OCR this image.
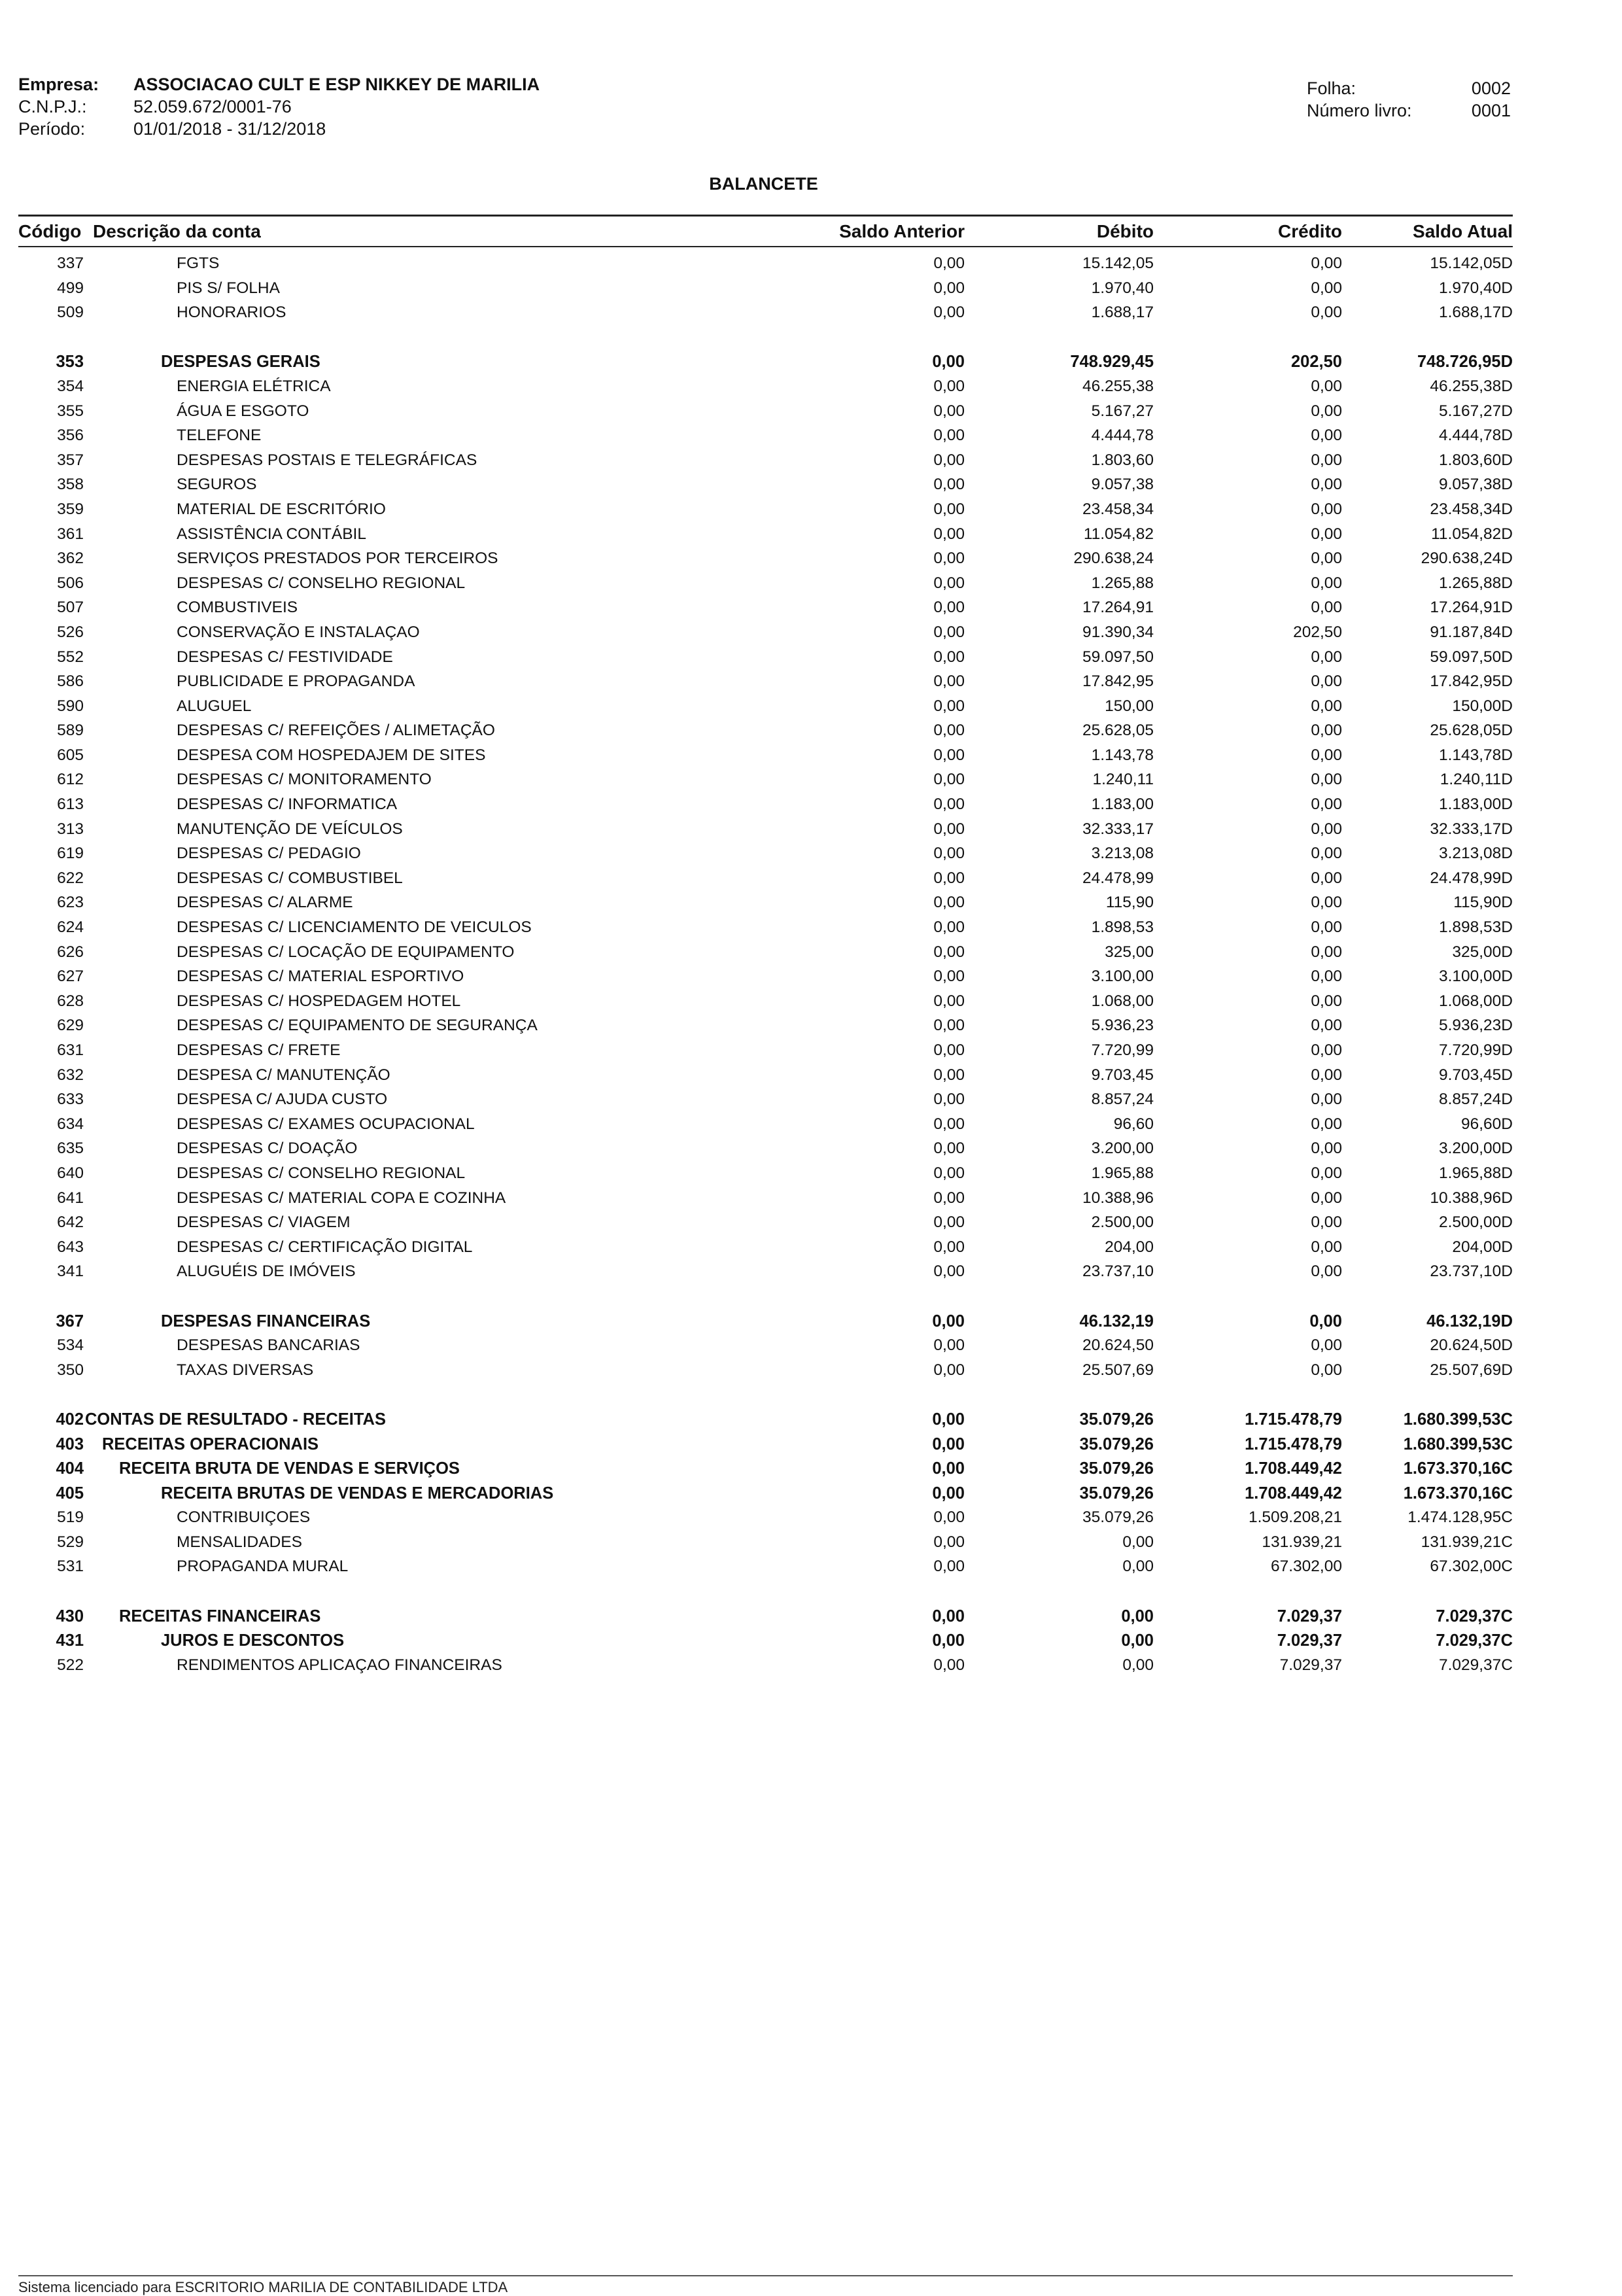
Empresa:	ASSOCIACAO CULT E ESP NIKKEY DE MARILIA
C.N.P.J.:	52.059.672/0001-76
Período:	01/01/2018 - 31/12/2018
Folha:	0002
Número livro:	0001
BALANCETE
Código Descrição da conta	Saldo Anterior	Débito	Crédito	Saldo Atual
337	FGTS	0,00	15.142,05	0,00	15.142,05D
499	PIS S/ FOLHA	0,00	1.970,40	0,00	1.970,40D
509	HONORARIOS	0,00	1.688,17	0,00	1.688,17D
353	DESPESAS GERAIS	0,00	748.929,45	202,50	748.726,95D
354	ENERGIA ELÉTRICA	0,00	46.255,38	0,00	46.255,38D
355	ÁGUA E ESGOTO	0,00	5.167,27	0,00	5.167,27D
356	TELEFONE	0,00	4.444,78	0,00	4.444,78D
357	DESPESAS POSTAIS E TELEGRÁFICAS	0,00	1.803,60	0,00	1.803,60D
358	SEGUROS	0,00	9.057,38	0,00	9.057,38D
359	MATERIAL DE ESCRITÓRIO	0,00	23.458,34	0,00	23.458,34D
361	ASSISTÊNCIA CONTÁBIL	0,00	11.054,82	0,00	11.054,82D
362	SERVIÇOS PRESTADOS POR TERCEIROS	0,00	290.638,24	0,00	290.638,24D
506	DESPESAS C/ CONSELHO REGIONAL	0,00	1.265,88	0,00	1.265,88D
507	COMBUSTIVEIS	0,00	17.264,91	0,00	17.264,91D
526	CONSERVAÇÃO E INSTALAÇAO	0,00	91.390,34	202,50	91.187,84D
552	DESPESAS C/ FESTIVIDADE	0,00	59.097,50	0,00	59.097,50D
586	PUBLICIDADE E PROPAGANDA	0,00	17.842,95	0,00	17.842,95D
590	ALUGUEL	0,00	150,00	0,00	150,00D
589	DESPESAS C/ REFEIÇÕES / ALIMETAÇÃO	0,00	25.628,05	0,00	25.628,05D
605	DESPESA COM HOSPEDAJEM DE SITES	0,00	1.143,78	0,00	1.143,78D
612	DESPESAS C/ MONITORAMENTO	0,00	1.240,11	0,00	1.240,11D
613	DESPESAS C/ INFORMATICA	0,00	1.183,00	0,00	1.183,00D
313	MANUTENÇÃO DE VEÍCULOS	0,00	32.333,17	0,00	32.333,17D
619	DESPESAS C/ PEDAGIO	0,00	3.213,08	0,00	3.213,08D
622	DESPESAS C/ COMBUSTIBEL	0,00	24.478,99	0,00	24.478,99D
623	DESPESAS C/ ALARME	0,00	115,90	0,00	115,90D
624	DESPESAS C/ LICENCIAMENTO DE VEICULOS	0,00	1.898,53	0,00	1.898,53D
626	DESPESAS C/ LOCAÇÃO DE EQUIPAMENTO	0,00	325,00	0,00	325,00D
627	DESPESAS C/ MATERIAL ESPORTIVO	0,00	3.100,00	0,00	3.100,00D
628	DESPESAS C/ HOSPEDAGEM HOTEL	0,00	1.068,00	0,00	1.068,00D
629	DESPESAS C/ EQUIPAMENTO DE SEGURANÇA	0,00	5.936,23	0,00	5.936,23D
631	DESPESAS C/ FRETE	0,00	7.720,99	0,00	7.720,99D
632	DESPESA C/ MANUTENÇÃO	0,00	9.703,45	0,00	9.703,45D
633	DESPESA C/ AJUDA CUSTO	0,00	8.857,24	0,00	8.857,24D
634	DESPESAS C/ EXAMES OCUPACIONAL	0,00	96,60	0,00	96,60D
635	DESPESAS C/ DOAÇÃO	0,00	3.200,00	0,00	3.200,00D
640	DESPESAS C/ CONSELHO REGIONAL	0,00	1.965,88	0,00	1.965,88D
641	DESPESAS C/ MATERIAL COPA E COZINHA	0,00	10.388,96	0,00	10.388,96D
642	DESPESAS C/ VIAGEM	0,00	2.500,00	0,00	2.500,00D
643	DESPESAS C/ CERTIFICAÇÃO DIGITAL	0,00	204,00	0,00	204,00D
341	ALUGUÉIS DE IMÓVEIS	0,00	23.737,10	0,00	23.737,10D
367	DESPESAS FINANCEIRAS	0,00	46.132,19	0,00	46.132,19D
534	DESPESAS BANCARIAS	0,00	20.624,50	0,00	20.624,50D
350	TAXAS DIVERSAS	0,00	25.507,69	0,00	25.507,69D
402 CONTAS DE RESULTADO - RECEITAS	0,00	35.079,26	1.715.478,79	1.680.399,53C
403 RECEITAS OPERACIONAIS	0,00	35.079,26	1.715.478,79	1.680.399,53C
404 RECEITA BRUTA DE VENDAS E SERVIÇOS	0,00	35.079,26	1.708.449,42	1.673.370,16C
405	RECEITA BRUTAS DE VENDAS E MERCADORIAS	0,00	35.079,26	1.708.449,42	1.673.370,16C
519	CONTRIBUIÇOES	0,00	35.079,26	1.509.208,21	1.474.128,95C
529	MENSALIDADES	0,00	0,00	131.939,21	131.939,21C
531	PROPAGANDA MURAL	0,00	0,00	67.302,00	67.302,00C
430 RECEITAS FINANCEIRAS	0,00	0,00	7.029,37	7.029,37C
431	JUROS E DESCONTOS	0,00	0,00	7.029,37	7.029,37C
522	RENDIMENTOS APLICAÇAO FINANCEIRAS	0,00	0,00	7.029,37	7.029,37C
Sistema licenciado para ESCRITORIO MARILIA DE CONTABILIDADE LTDA
